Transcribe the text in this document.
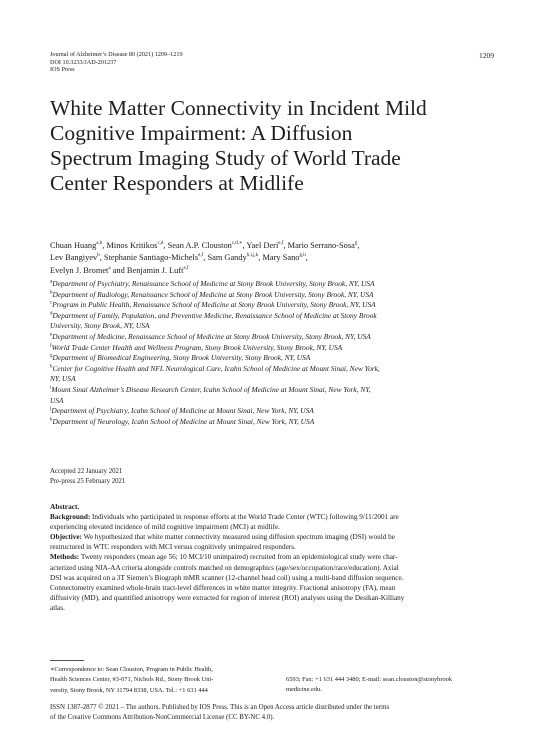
Journal of Alzheimer’s Disease 80 (2021) 1209–1219
DOI 10.3233/JAD-201237
IOS Press
1209
White Matter Connectivity in Incident Mild
Cognitive Impairment: A Diffusion
Spectrum Imaging Study of World Trade
Center Responders at Midlife
Chuan Huang$^{a,b}$, Minos Kritikos$^{c,d}$, Sean A.P. Clouston$^{c,d,∗}$, Yael Deri$^{e,f}$, Mario Serrano-Sosa$^g$,
Lev Bangiyev$^b$, Stephanie Santiago-Michels$^{e,f}$, Sam Gandy$^{h,i,j,k}$, Mary Sano$^{g,h}$,
Evelyn J. Bromet$^a$ and Benjamin J. Luft$^{e,f}$
$^a$Department of Psychiatry, Renaissance School of Medicine at Stony Brook University, Stony Brook, NY, USA
$^b$Department of Radiology, Renaissance School of Medicine at Stony Brook University, Stony Brook, NY, USA
$^c$Program in Public Health, Renaissance School of Medicine at Stony Brook University, Stony Brook, NY, USA
$^d$Department of Family, Population, and Preventive Medicine, Renaissance School of Medicine at Stony Brook
University, Stony Brook, NY, USA
$^e$Department of Medicine, Renaissance School of Medicine at Stony Brook University, Stony Brook, NY, USA
$^f$World Trade Center Health and Wellness Program, Stony Brook University, Stony Brook, NY, USA
$^g$Department of Biomedical Engineering, Stony Brook University, Stony Brook, NY, USA
$^h$Center for Cognitive Health and NFL Neurological Care, Icahn School of Medicine at Mount Sinai, New York,
NY, USA
$^i$Mount Sinai Alzheimer’s Disease Research Center, Icahn School of Medicine at Mount Sinai, New York, NY,
USA
$^j$Department of Psychiatry, Icahn School of Medicine at Mount Sinai, New York, NY, USA
$^k$Department of Neurology, Icahn School of Medicine at Mount Sinai, New York, NY, USA
Accepted 22 January 2021
Pre-press 25 February 2021
Abstract.
Background: Individuals who participated in response efforts at the World Trade Center (WTC) following 9/11/2001 are
experiencing elevated incidence of mild cognitive impairment (MCI) at midlife.
Objective: We hypothesized that white matter connectivity measured using diffusion spectrum imaging (DSI) would be
restructured in WTC responders with MCI versus cognitively unimpaired responders.
Methods: Twenty responders (mean age 56; 10 MCI/10 unimpaired) recruited from an epidemiological study were char-
acterized using NIA-AA criteria alongside controls matched on demographics (age/sex/occupation/race/education). Axial
DSI was acquired on a 3T Siemen’s Biograph mMR scanner (12-channel head coil) using a multi-band diffusion sequence.
Connectometry examined whole-brain tract-level differences in white matter integrity. Fractional anisotropy (FA), mean
diffusivity (MD), and quantified anisotropy were extracted for region of interest (ROI) analyses using the Desikan-Killiany
atlas.
∗Correspondence to: Sean Clouston, Program in Public Health,
Health Sciences Center, #3-071, Nichols Rd., Stony Brook Uni-
versity, Stony Brook, NY 11794 8338, USA. Tel.: +1 631 444
6593; Fax: +1 631 444 3480; E-mail: sean.clouston@stonybrook
medicine.edu.
ISSN 1387-2877 © 2021 – The authors. Published by IOS Press. This is an Open Access article distributed under the terms
of the Creative Commons Attribution-NonCommercial License (CC BY-NC 4.0).
